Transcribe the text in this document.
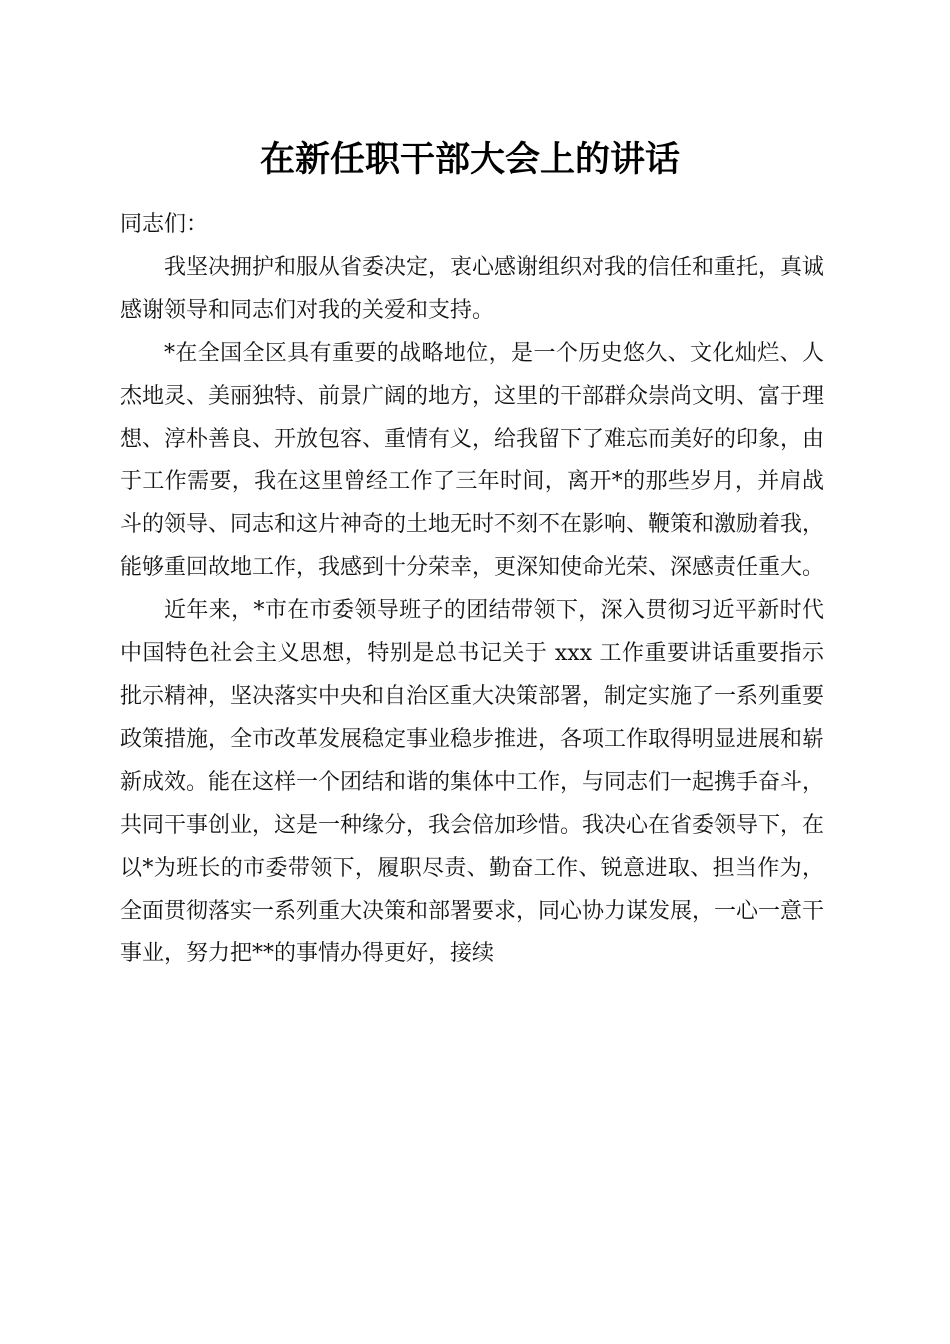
在新任职干部大会上的讲话

同志们：

我坚决拥护和服从省委决定，衷心感谢组织对我的信任和重托，真诚感谢领导和同志们对我的关爱和支持。

*在全国全区具有重要的战略地位，是一个历史悠久、文化灿烂、人杰地灵、美丽独特、前景广阔的地方，这里的干部群众崇尚文明、富于理想、淳朴善良、开放包容、重情有义，给我留下了难忘而美好的印象，由于工作需要，我在这里曾经工作了三年时间，离开*的那些岁月，并肩战斗的领导、同志和这片神奇的土地无时不刻不在影响、鞭策和激励着我，能够重回故地工作，我感到十分荣幸，更深知使命光荣、深感责任重大。

近年来，*市在市委领导班子的团结带领下，深入贯彻习近平新时代中国特色社会主义思想，特别是总书记关于 xxx 工作重要讲话重要指示批示精神，坚决落实中央和自治区重大决策部署，制定实施了一系列重要政策措施，全市改革发展稳定事业稳步推进，各项工作取得明显进展和崭新成效。能在这样一个团结和谐的集体中工作，与同志们一起携手奋斗，共同干事创业，这是一种缘分，我会倍加珍惜。我决心在省委领导下，在以*为班长的市委带领下，履职尽责、勤奋工作、锐意进取、担当作为，全面贯彻落实一系列重大决策和部署要求，同心协力谋发展，一心一意干事业，努力把**的事情办得更好，接续
